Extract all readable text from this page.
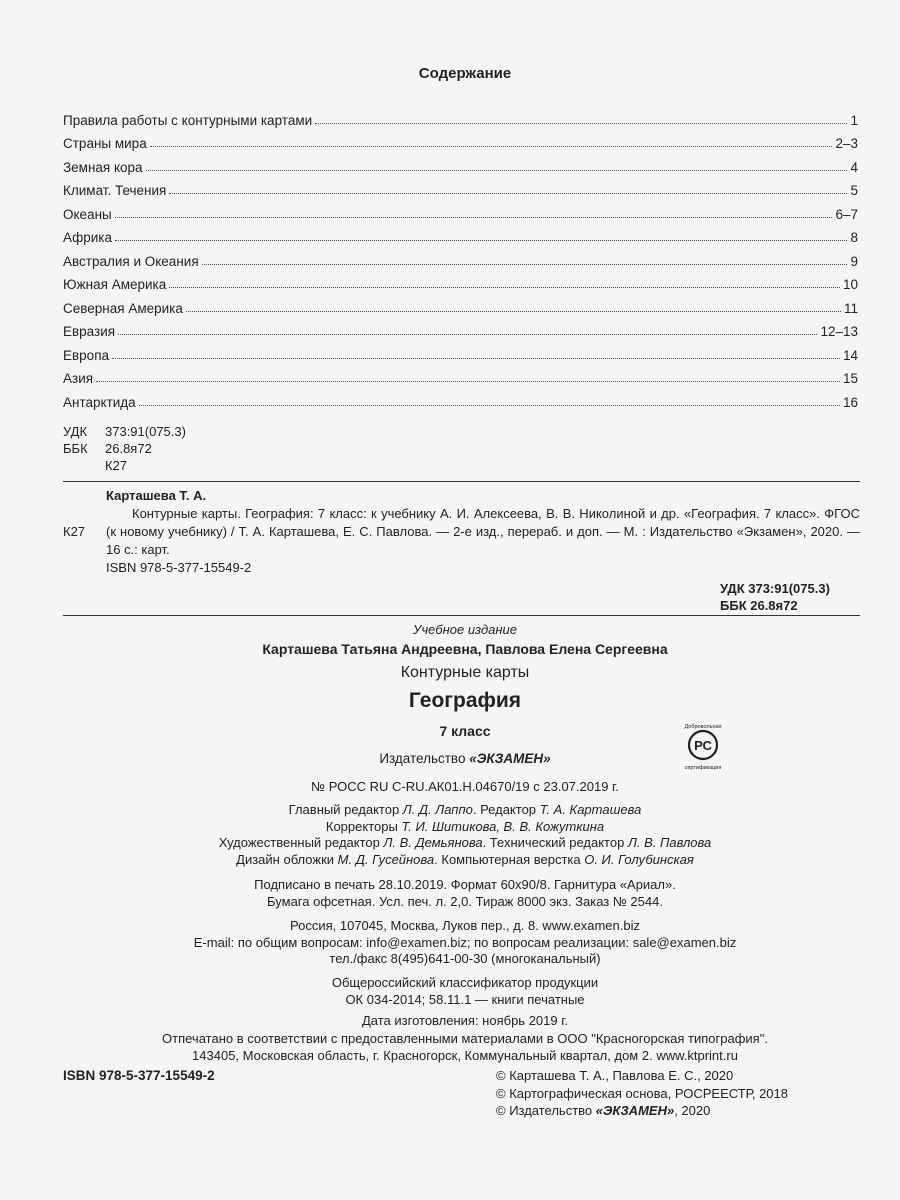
Содержание
Правила работы с контурными картами	1
Страны мира	2–3
Земная кора	4
Климат. Течения	5
Океаны	6–7
Африка	8
Австралия и Океания	9
Южная Америка	10
Северная Америка	11
Евразия	12–13
Европа	14
Азия	15
Антарктида	16
УДК	373:91(075.3)
ББК	26.8я72
К27
Карташева Т. А.
К27
Контурные карты. География: 7 класс: к учебнику А. И. Алексеева, В. В. Николиной и др. «География. 7 класс». ФГОС (к новому учебнику) / Т. А. Карташева, Е. С. Павлова. — 2-е изд., перераб. и доп. — М. : Издательство «Экзамен», 2020. — 16 с.: карт.
ISBN 978-5-377-15549-2
УДК 373:91(075.3)
ББК 26.8я72
Учебное издание
Карташева Татьяна Андреевна, Павлова Елена Сергеевна
Контурные карты
География
7 класс
РС
Добровольная
сертификация
Издательство «ЭКЗАМЕН»
№ РОСС RU C-RU.АК01.Н.04670/19 с 23.07.2019 г.
Главный редактор Л. Д. Лаппо. Редактор Т. А. Карташева
Корректоры Т. И. Шитикова, В. В. Кожуткина
Художественный редактор Л. В. Демьянова. Технический редактор Л. В. Павлова
Дизайн обложки М. Д. Гусейнова. Компьютерная верстка О. И. Голубинская
Подписано в печать 28.10.2019. Формат 60х90/8. Гарнитура «Ариал».
Бумага офсетная. Усл. печ. л. 2,0. Тираж 8000 экз. Заказ № 2544.
Россия, 107045, Москва, Луков пер., д. 8. www.examen.biz
E-mail: по общим вопросам: info@examen.biz; по вопросам реализации: sale@examen.biz
тел./факс 8(495)641-00-30 (многоканальный)
Общероссийский классификатор продукции
ОК 034-2014; 58.11.1 — книги печатные
Дата изготовления: ноябрь 2019 г.
Отпечатано в соответствии с предоставленными материалами в ООО "Красногорская типография".
143405, Московская область, г. Красногорск, Коммунальный квартал, дом 2. www.ktprint.ru
ISBN 978-5-377-15549-2	© Карташева Т. А., Павлова Е. С., 2020
© Картографическая основа, РОСРЕЕСТР, 2018
© Издательство «ЭКЗАМЕН», 2020
